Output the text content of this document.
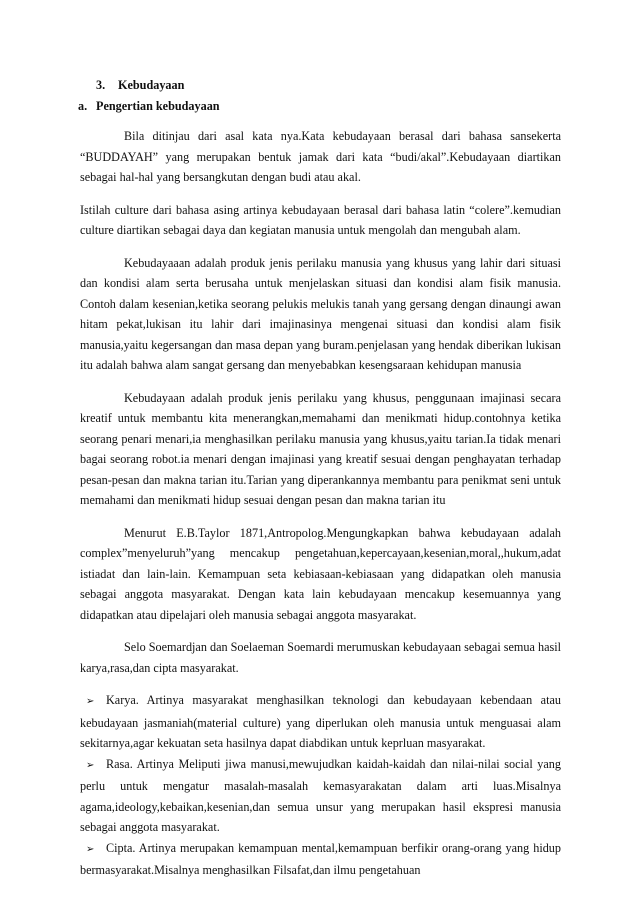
3. Kebudayaan
a. Pengertian kebudayaan

Bila ditinjau dari asal kata nya.Kata kebudayaan berasal dari bahasa sansekerta “BUDDAYAH” yang merupakan bentuk jamak dari kata “budi/akal”.Kebudayaan diartikan sebagai hal-hal yang bersangkutan dengan budi atau akal.

Istilah culture dari bahasa asing artinya kebudayaan berasal dari bahasa latin “colere”.kemudian culture diartikan sebagai daya dan kegiatan manusia untuk mengolah dan mengubah alam.

Kebudayaaan adalah produk jenis perilaku manusia yang khusus yang lahir dari situasi dan kondisi alam serta berusaha untuk menjelaskan situasi dan kondisi alam fisik manusia. Contoh dalam kesenian,ketika seorang pelukis melukis tanah yang gersang dengan dinaungi awan hitam pekat,lukisan itu lahir dari imajinasinya mengenai situasi dan kondisi alam fisik manusia,yaitu kegersangan dan masa depan yang buram.penjelasan yang hendak diberikan lukisan itu adalah bahwa alam sangat gersang dan menyebabkan kesengsaraan kehidupan manusia

Kebudayaan adalah produk jenis perilaku yang khusus, penggunaan imajinasi secara kreatif untuk membantu kita menerangkan,memahami dan menikmati hidup.contohnya ketika seorang penari menari,ia menghasilkan perilaku manusia yang khusus,yaitu tarian.Ia tidak menari bagai seorang robot.ia menari dengan imajinasi yang kreatif sesuai dengan penghayatan terhadap pesan-pesan dan makna tarian itu.Tarian yang diperankannya membantu para penikmat seni untuk memahami dan menikmati hidup sesuai dengan pesan dan makna tarian itu

Menurut E.B.Taylor 1871,Antropolog.Mengungkapkan bahwa kebudayaan adalah complex”menyeluruh”yang mencakup pengetahuan,kepercayaan,kesenian,moral,,hukum,adat istiadat dan lain-lain. Kemampuan seta kebiasaan-kebiasaan yang didapatkan oleh manusia sebagai anggota masyarakat. Dengan kata lain kebudayaan mencakup kesemuannya yang didapatkan atau dipelajari oleh manusia sebagai anggota masyarakat.

Selo Soemardjan dan Soelaeman Soemardi merumuskan kebudayaan sebagai semua hasil karya,rasa,dan cipta masyarakat.

➢ Karya. Artinya masyarakat menghasilkan teknologi dan kebudayaan kebendaan atau kebudayaan jasmaniah(material culture) yang diperlukan oleh manusia untuk menguasai alam sekitarnya,agar kekuatan seta hasilnya dapat diabdikan untuk keprluan masyarakat.

➢ Rasa. Artinya Meliputi jiwa manusi,mewujudkan kaidah-kaidah dan nilai-nilai social yang perlu untuk mengatur masalah-masalah kemasyarakatan dalam arti luas.Misalnya agama,ideology,kebaikan,kesenian,dan semua unsur yang merupakan hasil ekspresi manusia sebagai anggota masyarakat.

➢ Cipta. Artinya merupakan kemampuan mental,kemampuan berfikir orang-orang yang hidup bermasyarakat.Misalnya menghasilkan Filsafat,dan ilmu pengetahuan
